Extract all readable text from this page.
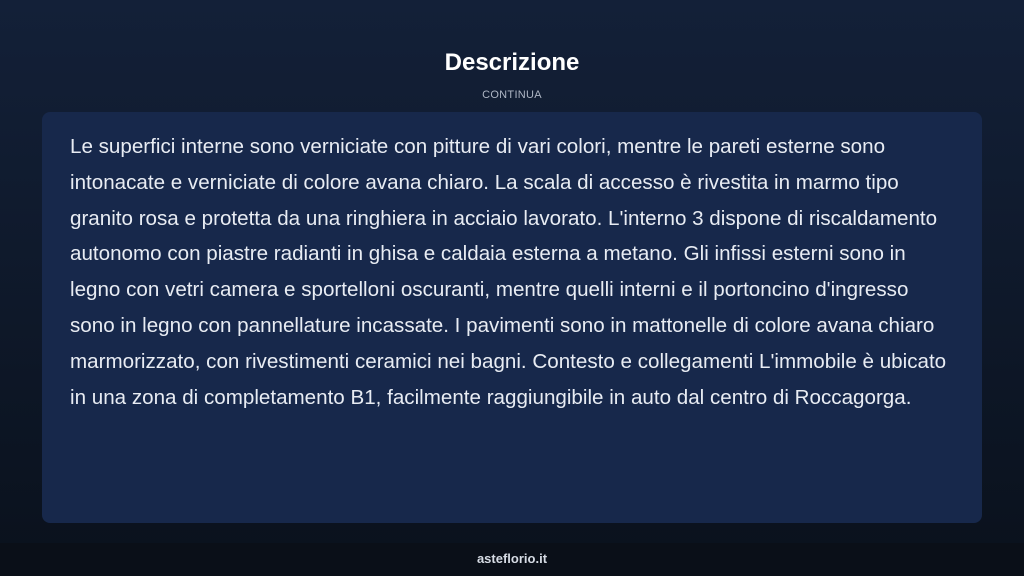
Descrizione
CONTINUA

Le superfici interne sono verniciate con pitture di vari colori, mentre le pareti esterne sono intonacate e verniciate di colore avana chiaro. La scala di accesso è rivestita in marmo tipo granito rosa e protetta da una ringhiera in acciaio lavorato. L'interno 3 dispone di riscaldamento autonomo con piastre radianti in ghisa e caldaia esterna a metano. Gli infissi esterni sono in legno con vetri camera e sportelloni oscuranti, mentre quelli interni e il portoncino d'ingresso sono in legno con pannellature incassate. I pavimenti sono in mattonelle di colore avana chiaro marmorizzato, con rivestimenti ceramici nei bagni. Contesto e collegamenti L'immobile è ubicato in una zona di completamento B1, facilmente raggiungibile in auto dal centro di Roccagorga.

asteflorio.it
